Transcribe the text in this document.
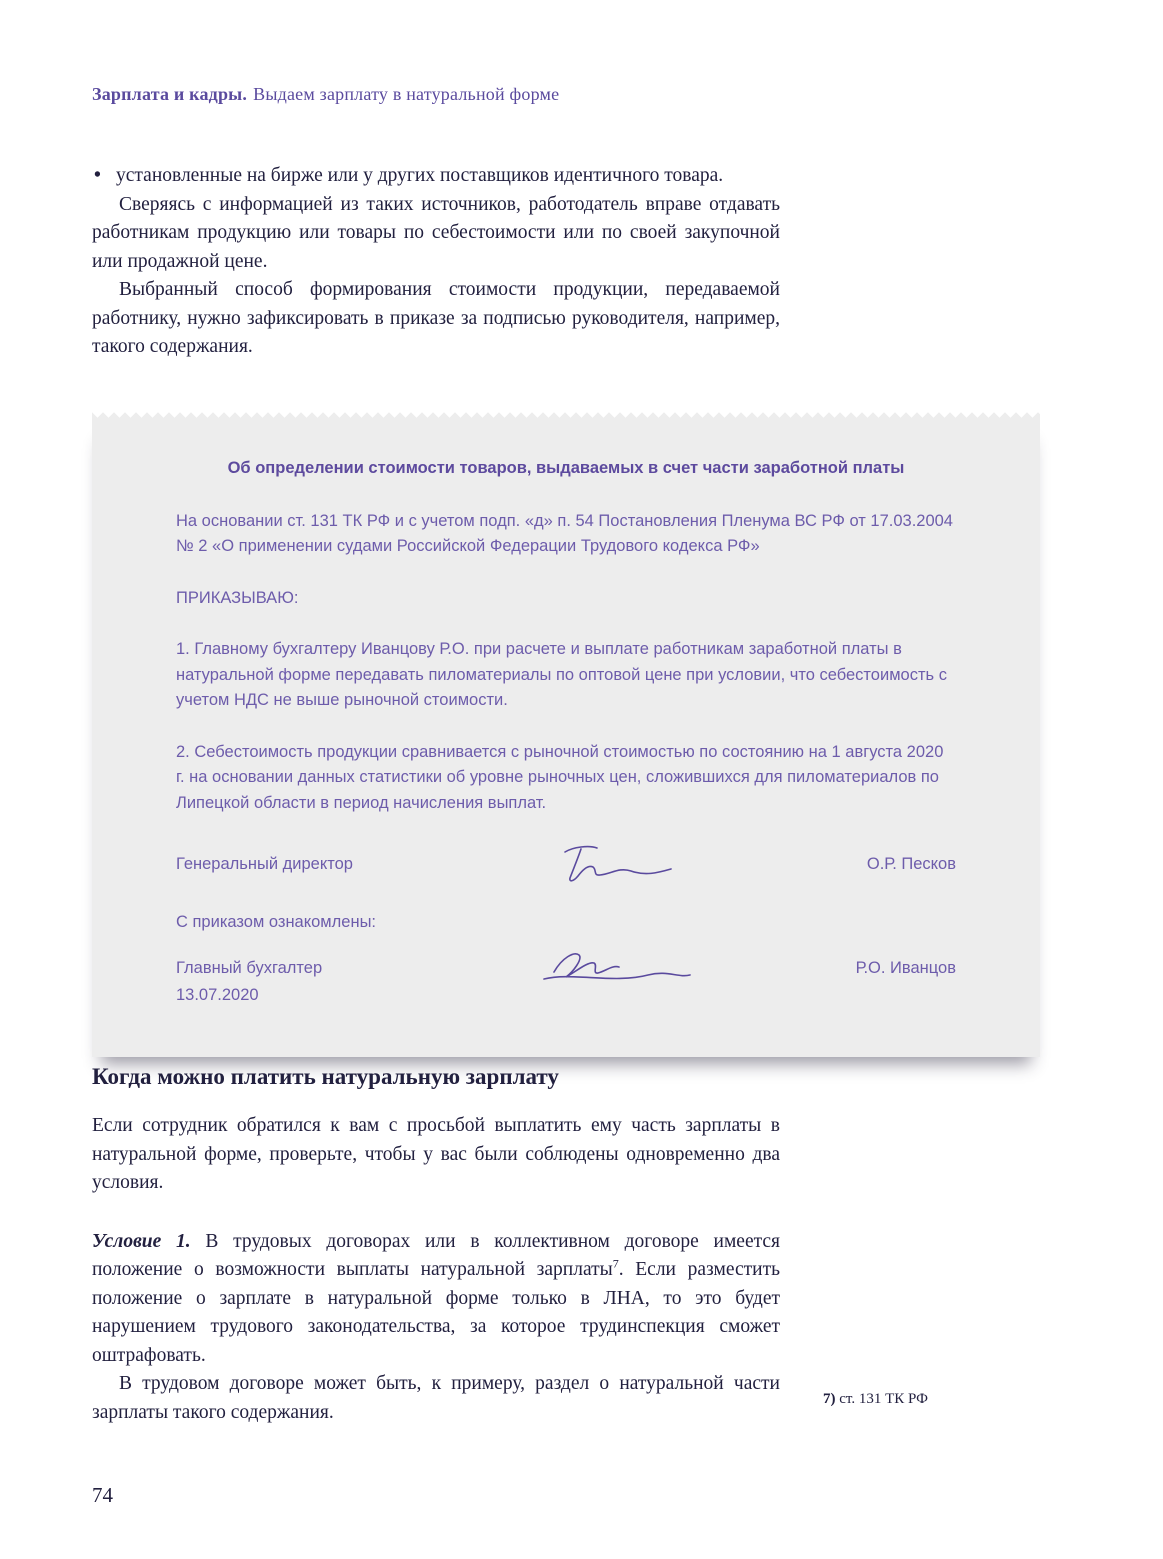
Зарплата и кадры. Выдаем зарплату в натуральной форме

• установленные на бирже или у других поставщиков идентичного товара.

Сверяясь с информацией из таких источников, работодатель вправе отдавать работникам продукцию или товары по себестоимости или по своей закупочной или продажной цене.

Выбранный способ формирования стоимости продукции, передаваемой работнику, нужно зафиксировать в приказе за подписью руководителя, например, такого содержания.

Об определении стоимости товаров, выдаваемых в счет части заработной платы

На основании ст. 131 ТК РФ и с учетом подп. «д» п. 54 Постановления Пленума ВС РФ от 17.03.2004 № 2 «О применении судами Российской Федерации Трудового кодекса РФ»

ПРИКАЗЫВАЮ:

1. Главному бухгалтеру Иванцову Р.О. при расчете и выплате работникам заработной платы в натуральной форме передавать пиломатериалы по оптовой цене при условии, что себестоимость с учетом НДС не выше рыночной стоимости.

2. Себестоимость продукции сравнивается с рыночной стоимостью по состоянию на 1 августа 2020 г. на основании данных статистики об уровне рыночных цен, сложившихся для пиломатериалов по Липецкой области в период начисления выплат.

Генеральный директор	О.Р. Песков

С приказом ознакомлены:

Главный бухгалтер
13.07.2020
Р.О. Иванцов
Когда можно платить натуральную зарплату

Если сотрудник обратился к вам с просьбой выплатить ему часть зарплаты в натуральной форме, проверьте, чтобы у вас были соблюдены одновременно два условия.

Условие 1. В трудовых договорах или в коллективном договоре имеется положение о возможности выплаты натуральной зарплаты$^7$. Если разместить положение о зарплате в натуральной форме только в ЛНА, то это будет нарушением трудового законодательства, за которое трудинспекция сможет оштрафовать.

В трудовом договоре может быть, к примеру, раздел о натуральной части зарплаты такого содержания.

7) ст. 131 ТК РФ
74
